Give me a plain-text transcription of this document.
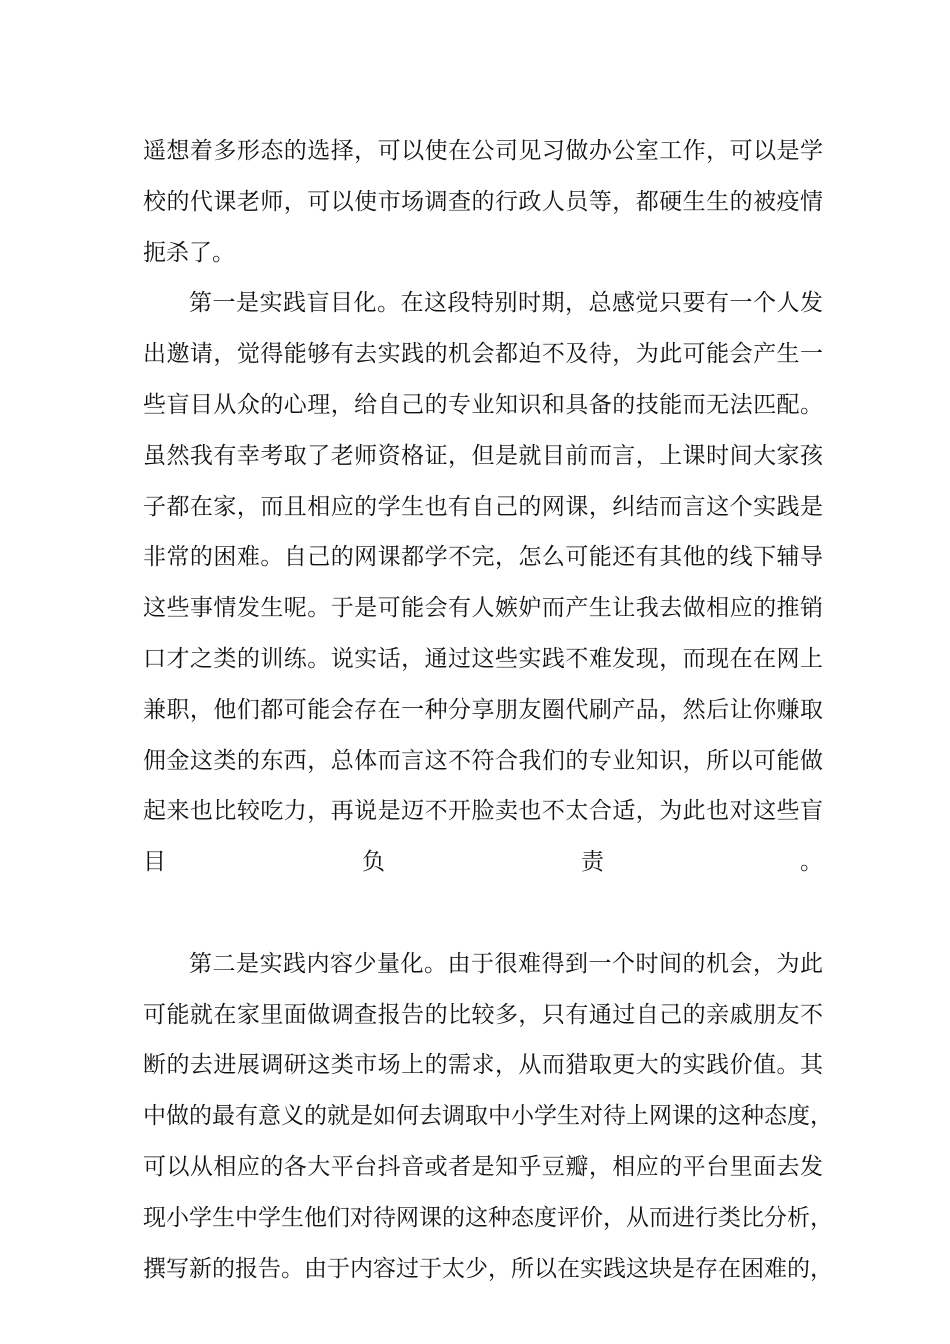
遥想着多形态的选择，可以使在公司见习做办公室工作，可以是学
校的代课老师，可以使市场调查的行政人员等，都硬生生的被疫情
扼杀了。
第一是实践盲目化。在这段特别时期，总感觉只要有一个人发
出邀请，觉得能够有去实践的机会都迫不及待，为此可能会产生一
些盲目从众的心理，给自己的专业知识和具备的技能而无法匹配。
虽然我有幸考取了老师资格证，但是就目前而言，上课时间大家孩
子都在家，而且相应的学生也有自己的网课，纠结而言这个实践是
非常的困难。自己的网课都学不完，怎么可能还有其他的线下辅导
这些事情发生呢。于是可能会有人嫉妒而产生让我去做相应的推销
口才之类的训练。说实话，通过这些实践不难发现，而现在在网上
兼职，他们都可能会存在一种分享朋友圈代刷产品，然后让你赚取
佣金这类的东西，总体而言这不符合我们的专业知识，所以可能做
起来也比较吃力，再说是迈不开脸卖也不太合适，为此也对这些盲
目负责。
第二是实践内容少量化。由于很难得到一个时间的机会，为此
可能就在家里面做调查报告的比较多，只有通过自己的亲戚朋友不
断的去进展调研这类市场上的需求，从而猎取更大的实践价值。其
中做的最有意义的就是如何去调取中小学生对待上网课的这种态度，
可以从相应的各大平台抖音或者是知乎豆瓣，相应的平台里面去发
现小学生中学生他们对待网课的这种态度评价，从而进行类比分析，
撰写新的报告。由于内容过于太少，所以在实践这块是存在困难的，
